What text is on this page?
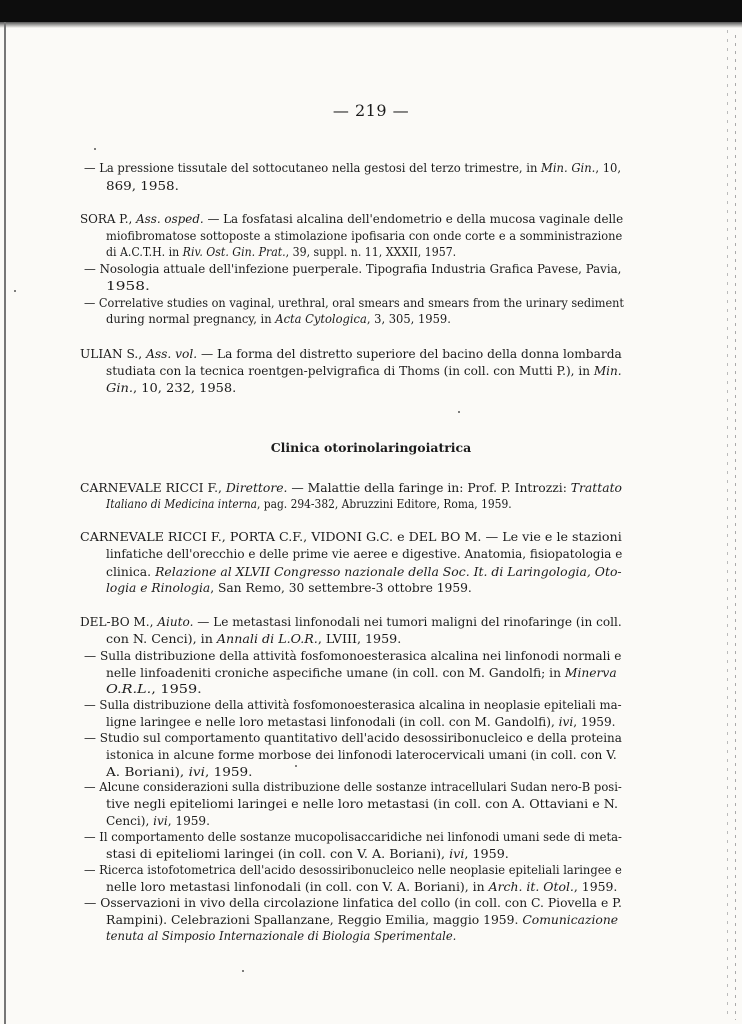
— 219 —
— La pressione tissutale del sottocutaneo nella gestosi del terzo trimestre, in Min. Gin., 10,
869, 1958.
SORA P., Ass. osped. — La fosfatasi alcalina dell'endometrio e della mucosa vaginale delle
miofibromatose sottoposte a stimolazione ipofisaria con onde corte e a somministrazione
di A.C.T.H. in Riv. Ost. Gin. Prat., 39, suppl. n. 11, XXXII, 1957.
— Nosologia attuale dell'infezione puerperale. Tipografia Industria Grafica Pavese, Pavia,
1958.
— Correlative studies on vaginal, urethral, oral smears and smears from the urinary sediment
during normal pregnancy, in Acta Cytologica, 3, 305, 1959.
ULIAN S., Ass. vol. — La forma del distretto superiore del bacino della donna lombarda
studiata con la tecnica roentgen-pelvigrafica di Thoms (in coll. con Mutti P.), in Min.
Gin., 10, 232, 1958.
CARNEVALE RICCI F., Direttore. — Malattie della faringe in: Prof. P. Introzzi: Trattato
Italiano di Medicina interna, pag. 294-382, Abruzzini Editore, Roma, 1959.
CARNEVALE RICCI F., PORTA C.F., VIDONI G.C. e DEL BO M. — Le vie e le stazioni
linfatiche dell'orecchio e delle prime vie aeree e digestive. Anatomia, fisiopatologia e
clinica. Relazione al XLVII Congresso nazionale della Soc. It. di Laringologia, Oto-
logia e Rinologia, San Remo, 30 settembre-3 ottobre 1959.
DEL-BO M., Aiuto. — Le metastasi linfonodali nei tumori maligni del rinofaringe (in coll.
con N. Cenci), in Annali di L.O.R., LVIII, 1959.
— Sulla distribuzione della attività fosfomonoesterasica alcalina nei linfonodi normali e
nelle linfoadeniti croniche aspecifiche umane (in coll. con M. Gandolfi; in Minerva
O.R.L., 1959.
— Sulla distribuzione della attività fosfomonoesterasica alcalina in neoplasie epiteliali ma-
ligne laringee e nelle loro metastasi linfonodali (in coll. con M. Gandolfi), ivi, 1959.
— Studio sul comportamento quantitativo dell'acido desossiribonucleico e della proteina
istonica in alcune forme morbose dei linfonodi laterocervicali umani (in coll. con V.
A. Boriani), ivi, 1959.
— Alcune considerazioni sulla distribuzione delle sostanze intracellulari Sudan nero-B posi-
tive negli epiteliomi laringei e nelle loro metastasi (in coll. con A. Ottaviani e N.
Cenci), ivi, 1959.
— Il comportamento delle sostanze mucopolisaccaridiche nei linfonodi umani sede di meta-
stasi di epiteliomi laringei (in coll. con V. A. Boriani), ivi, 1959.
— Ricerca istofotometrica dell'acido desossiribonucleico nelle neoplasie epiteliali laringee e
nelle loro metastasi linfonodali (in coll. con V. A. Boriani), in Arch. it. Otol., 1959.
— Osservazioni in vivo della circolazione linfatica del collo (in coll. con C. Piovella e P.
Rampini). Celebrazioni Spallanzane, Reggio Emilia, maggio 1959. Comunicazione
tenuta al Simposio Internazionale di Biologia Sperimentale.
Clinica otorinolaringoiatrica
